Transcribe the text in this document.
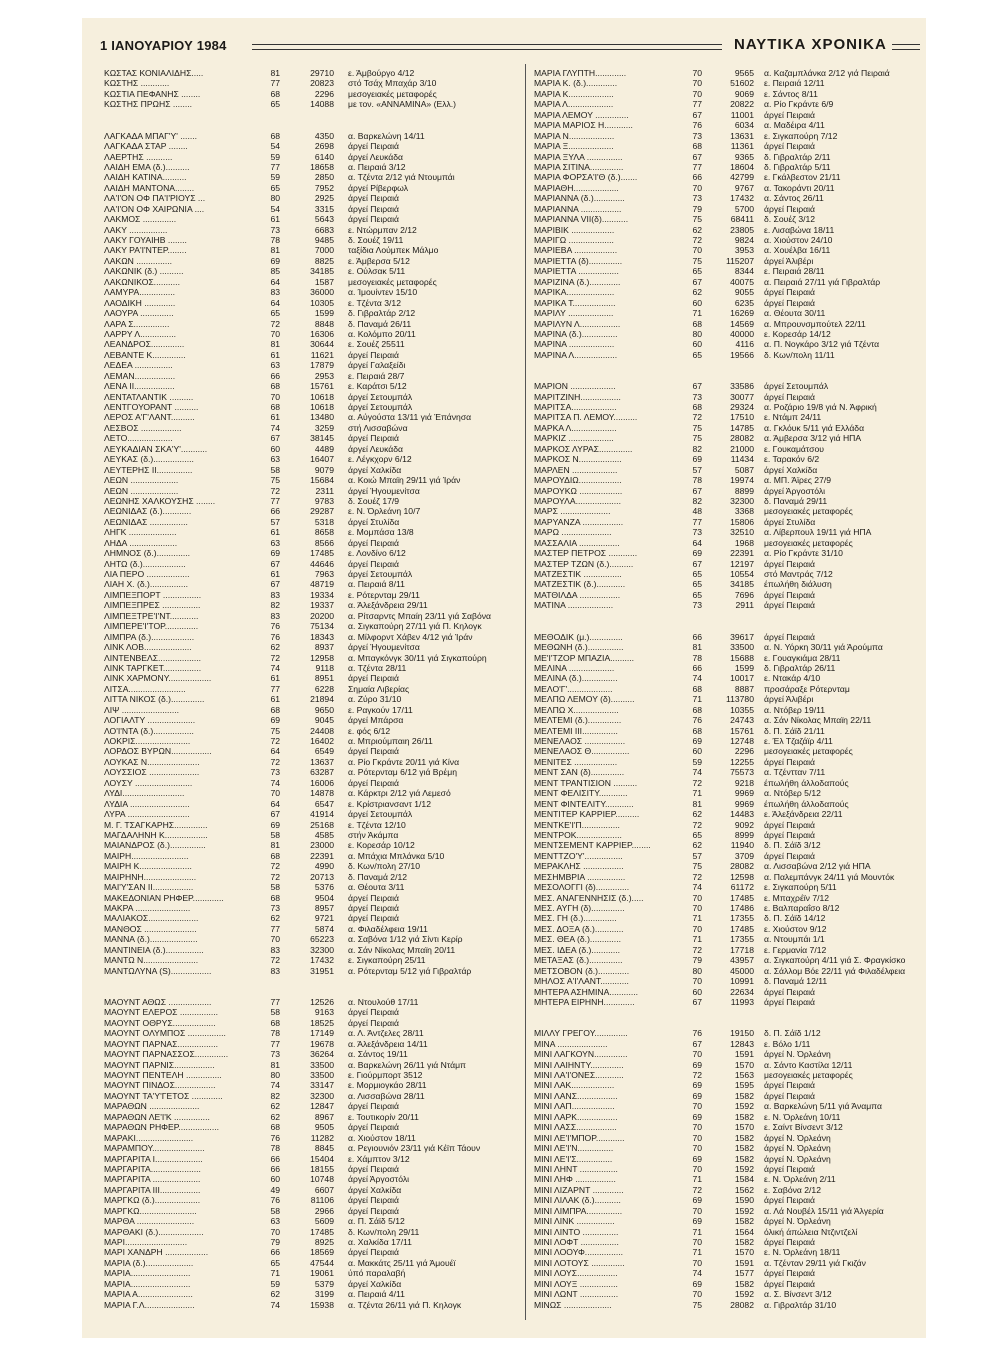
1 ΙΑΝΟΥΑΡΙΟΥ 1984	ΝΑΥΤΙΚΑ ΧΡΟΝΙΚΑ
ΚΩΣΤΑΣ ΚΟΝΙΑΛΙΔΗΣ.....	81	29710 ε. Άμβούργο 4/12
ΚΩΣΤΗΣ ............	77	20823 στό Τσάχ Μπαχάρ 3/10
ΚΩΣΤΙΑ ΠΕΦΑΝΗΣ ........	68	2296 μεσογειακές μεταφορές
ΚΩΣΤΗΣ ΠΡΩΗΣ ........	65	14088 με τον. «ΑΝΝΑΜΙΝΑ» (Ελλ.)
ΛΑΓΚΑΔΑ ΜΠΑΓ'Υ' .......	68	4350 α. Βαρκελώνη 14/11
ΛΑΓΚΑΔΑ ΣΤΑΡ ........	54	2698 άργεί Πειραιά
ΛΑΕΡΤΗΣ ...........	59	6140 άργεί Λευκάδα
ΛΑΙΔΗ ΕΜΑ (δ.)..........	77	18658 α. Πειραιά 3/12
ΛΑΙΔΗ ΚΑΤΙΝΑ..........	59	2850 α. Τζέντα 2/12 γιά Ντουμπάι
ΛΑΙΔΗ ΜΑΝΤΟΝΑ........	65	7952 άργεί Ρίβερφωλ
ΛΑ'Ι'ΟΝ ΟΦ ΠΑ'Ι'ΡΙΟΥΣ ...	80	2925 άργεί Πειραιά
ΛΑ'Ι'ΟΝ ΟΦ ΧΑΙΡΩΝΙΑ ....	54	3315 άργεί Πειραιά
ΛΑΚΜΟΣ ..............	61	5643 άργεί Πειραιά
ΛΑΚΥ ................	73	6683 ε. Ντώρμπαν 2/12
ΛΑΚΥ ΓΟΥΑΙΗΒ ........	78	9485 δ. Σουέζ 19/11
ΛΑΚΥ ΡΑ'Ι'ΝΤΕΡ........	81	7000 ταξίδια Λούμπεκ Μάλμο
ΛΑΚΩΝ ...............	69	8825 ε. Άμβερσα 5/12
ΛΑΚΩΝΙΚ (δ.) ..........	85	34185 ε. Ούλσακ 5/11
ΛΑΚΩΝΙΚΟΣ...........	64	1587 μεσογειακές μεταφορές
ΛΑΜΥΡΑ...............	83	36000 α. Ίμουίντεν 15/10
ΛΑΟΔΙΚΗ .............	64	10305 ε. Τζέντα 3/12
ΛΑΟΥΡΑ ..............	65	1599 δ. Γιβραλτάρ 2/12
ΛΑΡΑ Σ...............	72	8848 δ. Παναμά 26/11
ΛΑΡΡΥ Λ...............	70	16306 α. Κολόμπο 20/11
ΛΕΑΝΔΡΟΣ..............	81	30644 ε. Σουέζ 25511
ΛΕΒΑΝΤΕ Κ..............	61	11621 άργεί Πειραιά
ΛΕΔΕΑ ................	63	17879 άργεί Γαλαξείδι
ΛΕΜΑΝ.................	66	2953 ε. Πειραιά 28/7
ΛΕΝΑ ΙΙ.................	68	15761 ε. Καράτσι 5/12
ΛΕΝΤΑΤΛΑΝΤΙΚ ..........	70	10618 άργεί Σετουμπάλ
ΛΕΝΤΓΟΥΟΡΑΝΤ ..........	68	10618 άργεί Σετουμπάλ
ΛΕΡΟΣ Α'Γ'ΛΑΝΤ..........	61	13480 α. Αύγούστα 13/11 γιά Έπάνησα
ΛΕΣΒΟΣ .................	74	3259 στή Λισσαβώνα
ΛΕΤΟ...................	67	38145 άργεί Πειραιά
ΛΕΥΚΑΔΙΑΝ ΣΚΑ'Υ'...........	60	4489 άργεί Λευκάδα
ΛΕΥΚΑΣ (δ.).................	63	16407 ε. Λέγκχορν 6/12
ΛΕΥΤΕΡΗΣ ΙΙ...............	58	9079 άργεί Χαλκίδα
ΛΕΩΝ ....................	75	15684 α. Κοιώ Μπαϊη 29/11 γιά Ίράν
ΛΕΩΝ ....................	72	2311 άργεί Ήγουμενίτσα
ΛΕΩΝΗΣ ΧΑΛΚΟΥΣΗΣ ........	77	9783 δ. Σουέζ 17/9
ΛΕΩΝΙΔΑΣ (δ.)............	66	29287 ε. Ν. Όρλεάνη 10/7
ΛΕΩΝΙΔΑΣ ................	57	5318 άργεί Στυλίδα
ΛΗΓΚ ....................	61	8658 ε. Μομπάσα 13/8
ΛΗΔΑ ....................	63	8566 άργεί Πειραιά
ΛΗΜΝΟΣ (δ.)..............	69	17485 ε. Λονδίνο 6/12
ΛΗΤΩ (δ.)..................	67	44646 άργεί Πειραιά
ΛΙΑ ΠΕΡΟ ..................	61	7963 άργεί Σετουμπάλ
ΛΙΑΗ Χ. (δ.)................	67	48719 α. Πειραιά 8/11
ΛΙΜΠΕΞΠΟΡΤ ................	83	19334 ε. Ρότερνταμ 29/11
ΛΙΜΠΕΞΠΡΕΣ ................	82	19337 α. Άλεξάνδρεια 29/11
ΛΙΜΠΕΞΤΡΕ'Ι'ΝΤ............	83	20200 α. Ρίτσαρντς Μπαίη 23/11 γιά Σαβόνα
ΛΙΜΠΕΡΕ'Ι'ΤΟΡ..............	76	75134 α. Σιγκαπούρη 27/11 γιά Π. Κηλογκ
ΛΙΜΠΡΑ (δ.)..................	76	18343 α. Μίλφορντ Χάβεν 4/12 γιά Ίράν
ΛΙΝΚ ΛΟΒ....................	62	8937 άργεί Ήγουμενίτσα
ΛΙΝΤΕΝΒΕΛΣ..................	72	12958 α. Μπαγκόνγκ 30/11 γιά Σιγκαπούρη
ΛΙΝΚ ΤΑΡΓΚΕΤ................	74	9118 α. Τζέντα 28/11
ΛΙΝΚ ΧΑΡΜΟΝΥ..................	61	8951 άργεί Πειραιά
ΛΙΤΣΑ........................	77	6228 Σημαία Λιβερίας
ΛΙΤΤΑ ΝΙΚΟΣ (δ.)..............	61	21894 α. Ζύρο 31/10
ΛΙΨ ........................	68	9650 ε. Ραγκούν 17/11
ΛΟΓΙΑΛΤΥ ....................	69	9045 άργεί Μπάρσα
ΛΟ'Ι'ΝΤΑ (δ.).................	75	24408 ε. φός 6/12
ΛΟΚΡΙΣ.......................	72	16402 α. Μπριούμπαιη 26/11
ΛΟΡΔΟΣ ΒΥΡΩΝ.................	64	6549 άργεί Πειραιά
ΛΟΥΚΑΣ Ν......................	72	13637 α. Ρίο Γκράντε 20/11 γιά Κίνα
ΛΟΥΣΣΙΟΣ .....................	73	63287 α. Ρότερνταμ 6/12 γιά Βρέμη
ΛΟΥΣΥ ........................	74	16006 άργεί Πειραιά
ΛΥΔΙ..........................	70	14878 α. Κάρκτρι 2/12 γιά Λεμεσό
ΛΥΔΙΑ .........................	64	6547 ε. Κρίστριανσαντ 1/12
ΛΥΡΑ ..........................	67	41914 άργεί Σετουμπάλ
Μ. Γ. ΤΣΑΓΚΑΡΗΣ..............	69	25168 ε. Τζέντα 12/10
ΜΑΓΔΑΛΗΝΗ Κ..................	58	4585 στήν Άκάμπα
ΜΑΙΑΝΔΡΟΣ (δ.)...............	81	23000 ε. Κορεσάρ 10/12
ΜΑΙΡΗ........................	68	22391 α. Μπάχια Μπλάνκα 5/10
ΜΑΙΡΗ Κ......................	72	4990 δ. Κων/πολη 27/10
ΜΑΙΡΗΝΗ......................	72	20713 δ. Παναμά 2/12
ΜΑΙ'Υ'ΣΑΝ ΙΙ.................	58	5376 α. Θέουτα 3/11
ΜΑΚΕΔΟΝΙΑΝ ΡΗΦΕΡ.............	68	9504 άργεί Πειραιά
ΜΑΚΡΑ .......................	73	8957 άργεί Πειραιά
ΜΑΛΙΑΚΟΣ.....................	62	9721 άργεί Πειραιά
ΜΑΝΘΟΣ ......................	77	5874 α. Φιλαδέλφεια 19/11
ΜΑΝΝΑ (δ.)....................	70	65223 α. Σαβόνα 1/12 γιά Σίντι Κερίρ
ΜΑΝΤΙΝΕΙΑ (δ.)................	83	32300 α. Σάν Νίκολας Μπαϊη 20/11
ΜΑΝΤΩ Ν.......................	72	17432 ε. Σιγκαπούρη 25/11
ΜΑΝΤΩΛΥΝΑ (S).................	83	31951 α. Ρότερνταμ 5/12 γιά Γιβραλτάρ
ΜΑΟΥΝΤ ΑΘΩΣ ..................	77	12526 α. Ντουλούθ 17/11
ΜΑΟΥΝΤ ΕΛΕΡΟΣ ................	58	9163 άργεί Πειραιά
ΜΑΟΥΝΤ ΟΘΡΥΣ..................	68	18525 άργεί Πειραιά
ΜΑΟΥΝΤ ΟΛΥΜΠΟΣ ................	78	17149 α. Λ. Άντζελες 28/11
ΜΑΟΥΝΤ ΠΑΡΝΑΣ.................	77	19678 α. Άλεξάνδρεια 14/11
ΜΑΟΥΝΤ ΠΑΡΝΑΣΣΟΣ..............	73	36264 α. Σάντος 19/11
ΜΑΟΥΝΤ ΠΑΡΝΙΣ.................	81	33500 α. Βαρκελώνη 26/11 γιά Ντάμπ
ΜΑΟΥΝΤ ΠΕΝΤΕΛΗ ...............	80	33500 ε. Γιούρμπορτ 3512
ΜΑΟΥΝΤ ΠΙΝΔΟΣ.................	74	33147 ε. Μορμιογκάο 28/11
ΜΑΟΥΝΤ ΤΑ'Υ'ΓΕΤΟΣ .............	82	32300 α. Λισσαβώνα 28/11
ΜΑΡΑΘΩΝ .....................	62	12847 άργεί Πειραιά
ΜΑΡΑΘΩΝ ΛΕ'Ι'Κ ...............	62	8967 ε. Τουτικορίν 20/11
ΜΑΡΑΘΩΝ ΡΗΦΕΡ.................	68	9505 άργεί Πειραιά
ΜΑΡΑΚΙ........................	76	11282 α. Χιούστον 18/11
ΜΑΡΑΜΠΟΥ......................	78	8845 α. Ρεγιουνιόν 23/11 γιά Κέϊπ Τάουν
ΜΑΡΓΑΡΙΤΑ Ι....................	66	15404 ε. Χάμπτον 3/12
ΜΑΡΓΑΡΙΤΑ.....................	66	18155 άργεί Πειραιά
ΜΑΡΓΑΡΙΤΑ ....................	60	10748 άργεί Άργοστόλι
ΜΑΡΓΑΡΙΤΑ ΙΙΙ.................	49	6607 άργεί Χαλκίδα
ΜΑΡΓΚΩ (δ.)...................	76	81106 άργεί Πειραιά
ΜΑΡΓΚΩ........................	58	2966 άργεί Πειραιά
ΜΑΡΘΑ ........................	63	5609 α. Π. Σάϊδ 5/12
ΜΑΡΘΑΚΙ (δ.)...................	70	17485 δ. Κων/πολη 29/11
ΜΑΡΙ..........................	79	8925 α. Χαλκίδα 17/11
ΜΑΡΙ ΧΑΝΔΡΗ ..................	66	18569 άργεί Πειραιά
ΜΑΡΙΑ (δ.)....................	65	47544 α. Μακκάτς 25/11 γιά Άμουέϊ
ΜΑΡΙΑ.........................	71	19061 ύπό παραλαβή
ΜΑΡΙΑ.........................	59	5379 άργεί Χαλκίδα
ΜΑΡΙΑ Α.......................	62	3199 α. Πειραιά 4/11
ΜΑΡΙΑ Γ.Λ.....................	74	15938 α. Τζέντα 26/11 γιά Π. Κηλογκ
ΜΑΡΙΑ ΓΛΥΠΤΗ.............	70	9565 α. Καζαμπλάνκα 2/12 γιά Πειραιά
ΜΑΡΙΑ Κ. (δ.).............	70	51602 ε. Πειραιά 12/11
ΜΑΡΙΑ Κ...................	70	9069 ε. Σάντος 8/11
ΜΑΡΙΑ Λ...................	77	20822 α. Ρίο Γκράντε 6/9
ΜΑΡΙΑ ΛΕΜΟΥ ..............	67	11001 άργεί Πειραιά
ΜΑΡΙΑ ΜΑΡΙΟΣ Η............	76	6034 α. Μαδέιρα 4/11
ΜΑΡΙΑ Ν...................	73	13631 ε. Σιγκαπούρη 7/12
ΜΑΡΙΑ Ξ...................	68	11361 άργεί Πειραιά
ΜΑΡΙΑ ΞΥΛΑ ...............	67	9365 δ. Γιβραλτάρ 2/11
ΜΑΡΙΑ ΣΙΤΙΝΑ..............	77	18604 δ. Γιβραλτάρ 5/11
ΜΑΡΙΑ ΦΟΡΣΑ'Ι'Θ (δ.).......	66	42799 ε. Γκάλβεστον 21/11
ΜΑΡΙΑΘΗ...................	70	9767 α. Τακοράντι 20/11
ΜΑΡΙΑΝΝΑ (δ.).............	73	17432 α. Σάντος 26/11
ΜΑΡΙΑΝΝΑ .................	79	5700 άργεί Πειραιά
ΜΑΡΙΑΝΝΑ VII(δ)...........	75	68411 δ. Σουέζ 3/12
ΜΑΡΙΒΙΚ ..................	62	23805 ε. Λισαβώνα 18/11
ΜΑΡΙΓΩ ...................	72	9824 α. Χιούστον 24/10
ΜΑΡΙΕΒΑ ..................	70	3953 α. Χουέλβα 16/11
ΜΑΡΙΕΤΤΑ (δ)..............	75	115207 άργεί Άλιβέρι
ΜΑΡΙΕΤΤΑ .................	65	8344 ε. Πειραιά 28/11
ΜΑΡΙΖΙΝΑ (δ.).............	67	40075 α. Πειραιά 27/11 γιά Γιβραλτάρ
ΜΑΡΙΚΑ....................	62	9055 άργεί Πειραιά
ΜΑΡΙΚΑ Τ..................	60	6235 άργεί Πειραιά
ΜΑΡΙΛΥ ...................	71	16269 α. Θέουτα 30/11
ΜΑΡΙΛΥΝ Λ.................	68	14569 α. Μπρουνσμπούτελ 22/11
ΜΑΡΙΝΑ (δ.)...............	80	40000 ε. Κορεσάρ 14/12
ΜΑΡΙΝΑ ...................	60	4116 α. Π. Νογκάρο 3/12 γιά Τζέντα
ΜΑΡΙΝΑ Λ..................	65	19566 δ. Κων/πολη 11/11
ΜΑΡΙΟΝ ...................	67	33586 άργεί Σετουμπάλ
ΜΑΡΙΤΖΙΝΗ.................	73	30077 άργεί Πειραιά
ΜΑΡΙΤΣΑ...................	68	29324 α. Ροζάριο 19/8 γιά Ν. Άφρική
ΜΑΡΙΤΣΑ Π. ΛΕΜΟΥ..........	72	17510 ε. Ντάμπ 24/11
ΜΑΡΚΑ Λ...................	75	14785 α. Γκλόυκ 5/11 γιά Ελλάδα
ΜΑΡΚΙΖ ...................	75	28082 α. Άμβερσα 3/12 γιά ΗΠΑ
ΜΑΡΚΟΣ ΛΥΡΑΣ..............	82	21000 ε. Γουκαμάτσου
ΜΑΡΚΟΣ Ν..................	69	11434 ε. Ταρακόν 6/2
ΜΑΡΛΕΝ ...................	57	5087 άργεί Χαλκίδα
ΜΑΡΟΥΔΙΩ..................	78	19974 α. ΜΠ. Άϊρες 27/9
ΜΑΡΟΥΚΩ ..................	67	8899 άργεί Άργοστόλι
ΜΑΡΟΥΛΑ...................	82	32300 δ. Παναμά 29/11
ΜΑΡΣ .....................	48	3368 μεσογειακές μεταφορές
ΜΑΡΥΑΝΖΑ .................	77	15806 άργεί Στυλίδα
ΜΑΡΩ .....................	73	32510 α. Λίβερπουλ 19/11 γιά ΗΠΑ
ΜΑΣΣΑΛΙΑ .................	64	1968 μεσογειακές μεταφορές
ΜΑΣΤΕΡ ΠΕΤΡΟΣ ............	69	22391 α. Ρίο Γκράντε 31/10
ΜΑΣΤΕΡ ΤΖΩΝ (δ.)..........	67	12197 άργεί Πειραιά
ΜΑΤΖΕΣΤΙΚ ................	65	10554 στό Μαντράς 7/12
ΜΑΤΖΕΣΤΙΚ (δ.)............	65	34185 έπωλήθη διάλυση
ΜΑΤΘΙΛΔΑ .................	65	7696 άργεί Πειραιά
ΜΑΤΙΝΑ ...................	73	2911 άργεί Πειραιά
ΜΕΘΟΔΙΚ (μ.)..............	66	39617 άργεί Πειραιά
ΜΕΘΩΝΗ (δ.)...............	81	33500 α. Ν. Υόρκη 30/11 γιά Άρούμπα
ΜΕ'Ι'ΤΖΟΡ ΜΠΑΖΙΑ..........	78	15688 ε. Γουαγκιάμα 28/11
ΜΕΛΙΝΑ ...................	66	1599 δ. Γιβραλτάρ 26/11
ΜΕΛΙΝΑ (δ.)...............	74	10017 ε. Ντακάρ 4/10
ΜΕΛΟ'Γ'...................	68	8887 προσάραξε Ρότερνταμ
ΜΕΛΠΩ ΛΕΜΟΥ (δ)..........	71	113780 άργεί Άλιβέρι
ΜΕΛΠΩ Χ...................	68	10355 α. Ντόβερ 19/11
ΜΕΛΤΕΜΙ (δ.)..............	76	24743 α. Σάν Νίκολας Μπαϊη 22/11
ΜΕΛΤΕΜΙ ΙΙΙ...............	68	15761 δ. Π. Σάϊδ 21/11
ΜΕΝΕΛΑΟΣ .................	69	12748 ε. Έλ Τζαζάϊρ 4/11
ΜΕΝΕΛΑΟΣ Θ................	60	2296 μεσογειακές μεταφορές
ΜΕΝΙΤΕΣ ..................	59	12255 άργεί Πειραιά
ΜΕΝΤ ΣΑΝ (δ)..............	74	75573 α. Τζέντταν 7/11
ΜΕΝΤ ΤΡΑΝΤΙΣΙΟΝ ..........	72	9218 έπωλήθη άλλοδαπούς
ΜΕΝΤ ΦΕΛΙΣΙΤΥ............	71	9969 α. Ντόβερ 5/12
ΜΕΝΤ ΦΙΝΤΕΛΙΤΥ............	81	9969 έπωλήθη άλλοδαπούς
ΜΕΝΤΙΤΕΡ ΚΑΡΡΙΕΡ..........	62	14483 ε. Άλεξάνδρεια 22/11
ΜΕΝΤΚΕ'Ι'Π................	72	9092 άργεί Πειραιά
ΜΕΝΤΡΟΚ...................	65	8999 άργεί Πειραιά
ΜΕΝΤΣΕΜΕΝΤ ΚΑΡΡΙΕΡ........	62	11940 δ. Π. Σάϊδ 3/12
ΜΕΝΤΤΖΟ'Υ'................	57	3709 άργεί Πειραιά
ΜΕΡΑΚΛΗΣ .................	75	28082 α. Λισσαβώνα 2/12 γιά ΗΠΑ
ΜΕΣΗΜΒΡΙΑ ................	72	12598 α. Παλεμπάνγκ 24/11 γιά Μουντόκ
ΜΕΣΟΛΟΓΓΙ (δ)..............	74	61172 ε. Σιγκαπούρη 5/11
ΜΕΣ. ΑΝΑΓΕΝΝΗΣΙΣ (δ.).....	70	17485 ε. Μπαχρέϊν 7/12
ΜΕΣ. ΑΥΓΗ (δ)..............	70	17486 ε. Βαλπαραΐσο 8/12
ΜΕΣ. ΓΗ (δ.)..............	71	17355 δ. Π. Σάϊδ 14/12
ΜΕΣ. ΔΟΞΑ (δ.)............	70	17485 ε. Χιούστον 9/12
ΜΕΣ. ΘΕΑ (δ.).............	71	17355 α. Ντουμπάι 1/1
ΜΕΣ. ΙΔΕΑ (δ.)............	72	17718 ε. Γερμανία 7/12
ΜΕΤΑΞΑΣ (δ.)..............	79	43957 α. Σιγκαπούρη 4/11 γιά Σ. Φραγκίσκο
ΜΕΤΣΟΒΟΝ (δ.).............	80	45000 α. Σάλλομ Βόε 22/11 γιά Φιλαδέλφεια
ΜΗΛΟΣ Α'Ι'ΛΑΝΤ............	70	10991 δ. Παναμά 12/11
ΜΗΤΕΡΑ ΑΣΗΜΙΝΑ............	60	22634 άργεί Πειραιά
ΜΗΤΕΡΑ ΕΙΡΗΝΗ.............	67	11993 άργεί Πειραιά
ΜΙΛΛΥ ΓΡΕΓΟΥ..............	76	19150 δ. Π. Σάϊδ 1/12
ΜΙΝΑ .....................	67	12843 ε. Βόλο 1/11
ΜΙΝΙ ΛΑΓΚΟΥΝ..............	70	1591 άργεί Ν. Όρλεάνη
ΜΙΝΙ ΛΑΙΗΝΤΥ..............	69	1570 α. Σάντο Καστίλα 12/11
ΜΙΝΙ ΛΑ'Ι'ΟΝΕΣ............	72	1563 μεσογειακές μεταφορές
ΜΙΝΙ ΛΑΚ..................	69	1595 άργεί Πειραιά
ΜΙΝΙ ΛΑΝΣ.................	69	1582 άργεί Πειραιά
ΜΙΝΙ ΛΑΠ..................	70	1592 α. Βαρκελώνη 5/11 γιά Άναμπα
ΜΙΝΙ ΛΑΡΚ.................	69	1582 ε. Ν. Όρλεάνη 10/11
ΜΙΝΙ ΛΑΣΣ.................	70	1570 ε. Σαίντ Βίνσεντ 3/12
ΜΙΝΙ ΛΕ'Ι'ΜΠΟΡ............	70	1582 άργεί Ν. Όρλεάνη
ΜΙΝΙ ΛΕ'Ι'Ν...............	70	1582 άργεί Ν. Όρλεάνη
ΜΙΝΙ ΛΕ'Ι'Σ...............	69	1582 άργεί Ν. Όρλεάνη
ΜΙΝΙ ΛΗΝΤ ................	70	1592 άργεί Πειραιά
ΜΙΝΙ ΛΗΦ .................	71	1584 ε. Ν. Όρλεάνη 2/11
ΜΙΝΙ ΛΙΖΑΡΝΤ .............	72	1562 ε. Σαβόνα 2/12
ΜΙΝΙ ΛΙΛΑΚ (δ.)...........	69	1590 άργεί Πειραιά
ΜΙΝΙ ΛΙΜΠΡΑ...............	70	1592 α. Λά Νουβέλ 15/11 γιά Άλγερία
ΜΙΝΙ ΛΙΝΚ ................	69	1582 άργεί Ν. Όρλεάνη
ΜΙΝΙ ΛΙΝΤΟ ...............	71	1564 όλική άπώλεια Ντζιντζελί
ΜΙΝΙ ΛΟΦΤ ................	70	1582 άργεί Πειραιά
ΜΙΝΙ ΛΟΟΥΦ................	71	1570 ε. Ν. Όρλεάνη 18/11
ΜΙΝΙ ΛΟΤΟΥΣ ..............	70	1591 α. Τζένταν 29/11 γιά Γκιζάν
ΜΙΝΙ ΛΟΥΣ.................	74	1577 άργεί Πειραιά
ΜΙΝΙ ΛΟΥΞ ................	69	1582 άργεί Πειραιά
ΜΙΝΙ ΛΩΝΤ ................	70	1592 α. Σ. Βίνσεντ 3/12
ΜΙΝΩΣ ....................	75	28082 α. Γιβραλτάρ 31/10
